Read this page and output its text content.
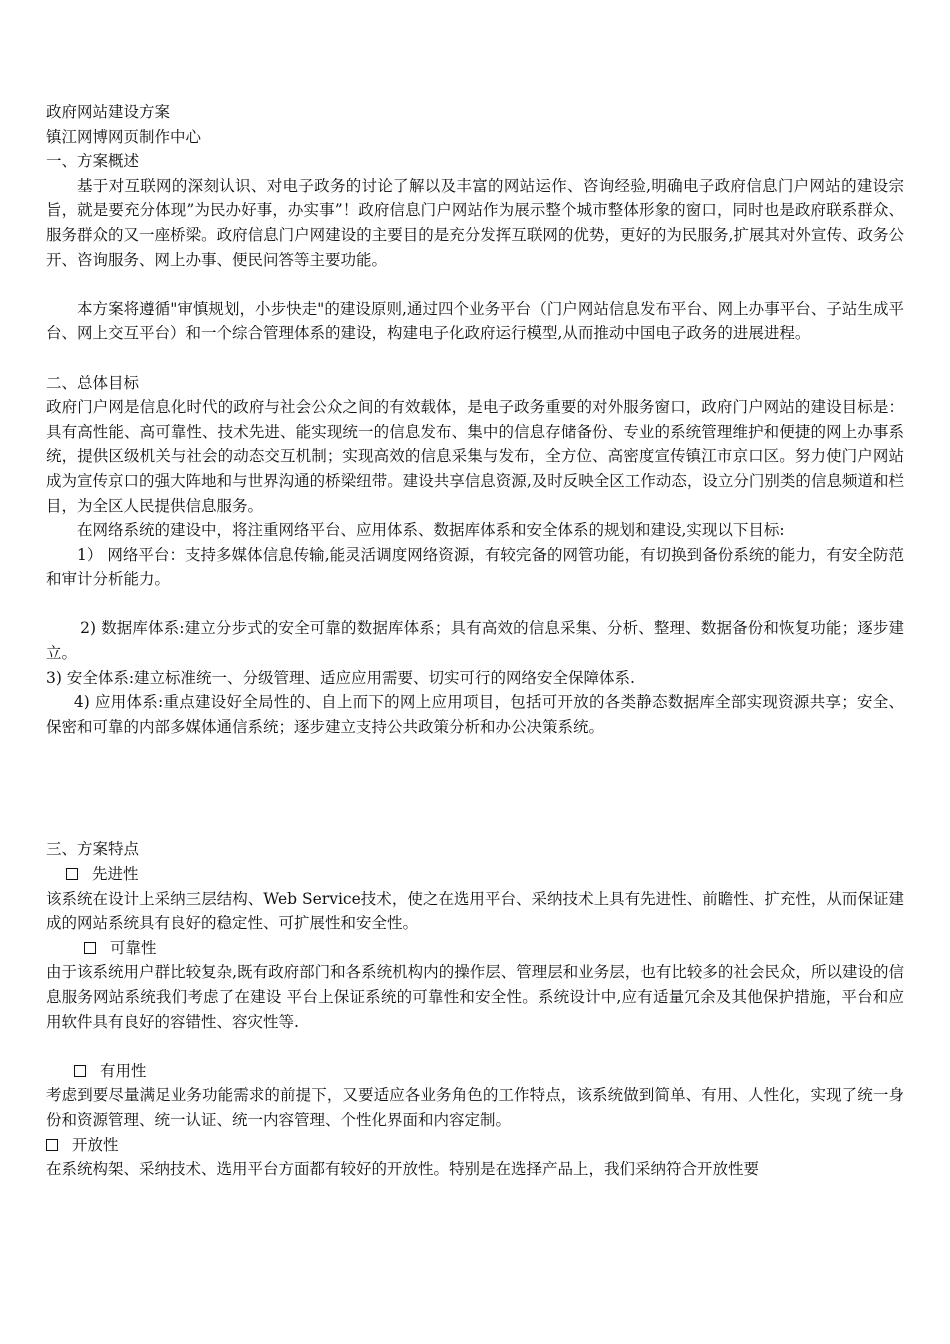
政府网站建设方案

镇江网博网页制作中心

一、方案概述

基于对互联网的深刻认识、对电子政务的讨论了解以及丰富的网站运作、咨询经验,明确电子政府信息门户网站的建设宗旨，就是要充分体现”为民办好事，办实事”！政府信息门户网站作为展示整个城市整体形象的窗口，同时也是政府联系群众、服务群众的又一座桥梁。政府信息门户网建设的主要目的是充分发挥互联网的优势，更好的为民服务,扩展其对外宣传、政务公开、咨询服务、网上办事、便民问答等主要功能。

本方案将遵循"审慎规划，小步快走"的建设原则,通过四个业务平台（门户网站信息发布平台、网上办事平台、子站生成平台、网上交互平台）和一个综合管理体系的建设，构建电子化政府运行模型,从而推动中国电子政务的进展进程。

二、总体目标

政府门户网是信息化时代的政府与社会公众之间的有效载体，是电子政务重要的对外服务窗口，政府门户网站的建设目标是：具有高性能、高可靠性、技术先进、能实现统一的信息发布、集中的信息存储备份、专业的系统管理维护和便捷的网上办事系统，提供区级机关与社会的动态交互机制；实现高效的信息采集与发布，全方位、高密度宣传镇江市京口区。努力使门户网站成为宣传京口的强大阵地和与世界沟通的桥梁纽带。建设共享信息资源,及时反映全区工作动态，设立分门别类的信息频道和栏目，为全区人民提供信息服务。

在网络系统的建设中，将注重网络平台、应用体系、数据库体系和安全体系的规划和建设,实现以下目标:

1） 网络平台：支持多媒体信息传输,能灵活调度网络资源，有较完备的网管功能，有切换到备份系统的能力，有安全防范和审计分析能力。

2) 数据库体系:建立分步式的安全可靠的数据库体系；具有高效的信息采集、分析、整理、数据备份和恢复功能；逐步建立。

3) 安全体系:建立标准统一、分级管理、适应应用需要、切实可行的网络安全保障体系.

4) 应用体系:重点建设好全局性的、自上而下的网上应用项目，包括可开放的各类静态数据库全部实现资源共享；安全、保密和可靠的内部多媒体通信系统；逐步建立支持公共政策分析和办公决策系统。

三、方案特点

先进性

该系统在设计上采纳三层结构、Web Service技术，使之在选用平台、采纳技术上具有先进性、前瞻性、扩充性，从而保证建成的网站系统具有良好的稳定性、可扩展性和安全性。

可靠性

由于该系统用户群比较复杂,既有政府部门和各系统机构内的操作层、管理层和业务层，也有比较多的社会民众，所以建设的信息服务网站系统我们考虑了在建设 平台上保证系统的可靠性和安全性。系统设计中,应有适量冗余及其他保护措施，平台和应用软件具有良好的容错性、容灾性等.

有用性

考虑到要尽量满足业务功能需求的前提下，又要适应各业务角色的工作特点，该系统做到简单、有用、人性化，实现了统一身份和资源管理、统一认证、统一内容管理、个性化界面和内容定制。

开放性

在系统构架、采纳技术、选用平台方面都有较好的开放性。特别是在选择产品上，我们采纳符合开放性要
